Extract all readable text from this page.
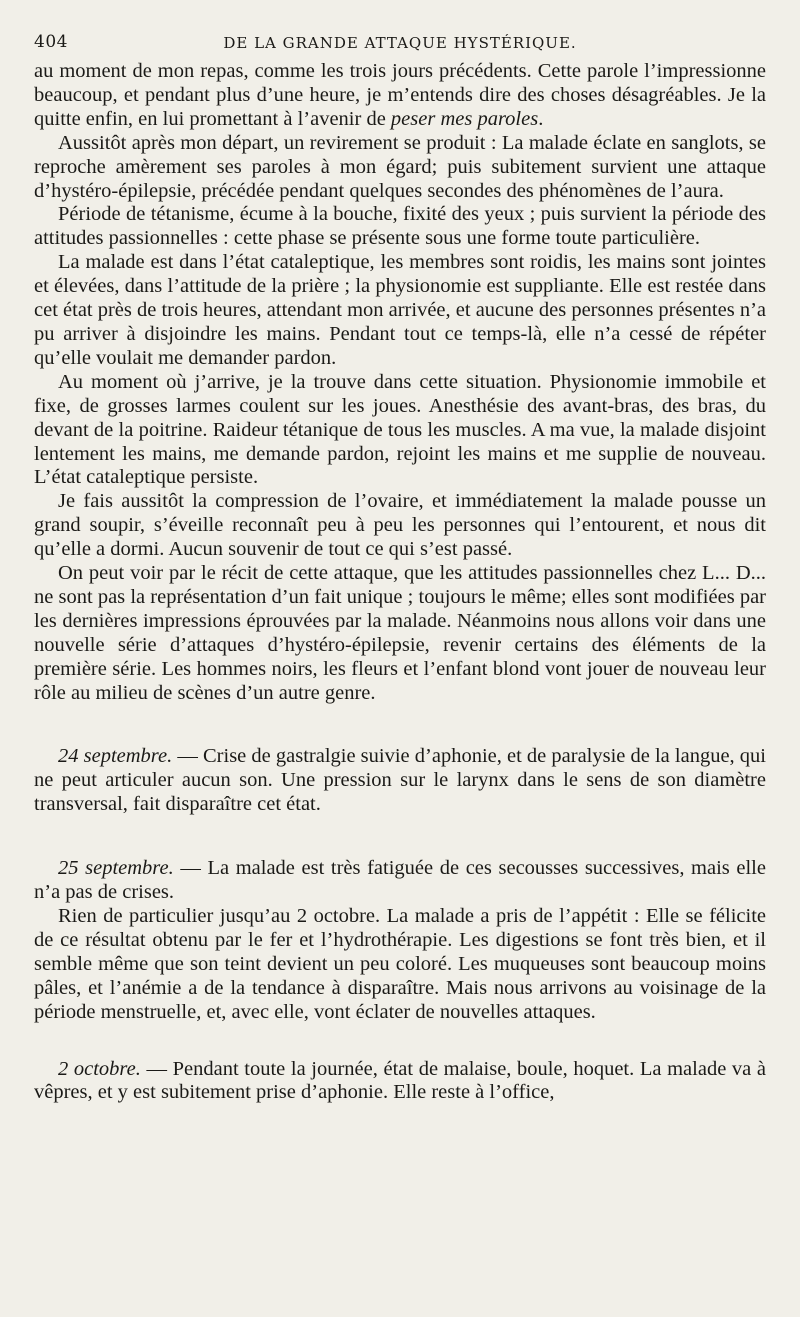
404	DE LA GRANDE ATTAQUE HYSTÉRIQUE.

au moment de mon repas, comme les trois jours précédents. Cette parole l’impressionne beaucoup, et pendant plus d’une heure, je m’entends dire des choses désagréables. Je la quitte enfin, en lui promettant à l’avenir de peser mes paroles.

Aussitôt après mon départ, un revirement se produit : La malade éclate en sanglots, se reproche amèrement ses paroles à mon égard; puis subitement survient une attaque d’hystéro-épilepsie, précédée pendant quelques secondes des phénomènes de l’aura.

Période de tétanisme, écume à la bouche, fixité des yeux ; puis survient la période des attitudes passionnelles : cette phase se présente sous une forme toute particulière.

La malade est dans l’état cataleptique, les membres sont roidis, les mains sont jointes et élevées, dans l’attitude de la prière ; la physionomie est suppliante. Elle est restée dans cet état près de trois heures, attendant mon arrivée, et aucune des personnes présentes n’a pu arriver à disjoindre les mains. Pendant tout ce temps-là, elle n’a cessé de répéter qu’elle voulait me demander pardon.

Au moment où j’arrive, je la trouve dans cette situation. Physionomie immobile et fixe, de grosses larmes coulent sur les joues. Anesthésie des avant-bras, des bras, du devant de la poitrine. Raideur tétanique de tous les muscles. A ma vue, la malade disjoint lentement les mains, me demande pardon, rejoint les mains et me supplie de nouveau. L’état cataleptique persiste.

Je fais aussitôt la compression de l’ovaire, et immédiatement la malade pousse un grand soupir, s’éveille reconnaît peu à peu les personnes qui l’entourent, et nous dit qu’elle a dormi. Aucun souvenir de tout ce qui s’est passé.

On peut voir par le récit de cette attaque, que les attitudes passionnelles chez L... D... ne sont pas la représentation d’un fait unique ; toujours le même; elles sont modifiées par les dernières impressions éprouvées par la malade. Néanmoins nous allons voir dans une nouvelle série d’attaques d’hystéro-épilepsie, revenir certains des éléments de la première série. Les hommes noirs, les fleurs et l’enfant blond vont jouer de nouveau leur rôle au milieu de scènes d’un autre genre.

24 septembre. — Crise de gastralgie suivie d’aphonie, et de paralysie de la langue, qui ne peut articuler aucun son. Une pression sur le larynx dans le sens de son diamètre transversal, fait disparaître cet état.

25 septembre. — La malade est très fatiguée de ces secousses successives, mais elle n’a pas de crises.

Rien de particulier jusqu’au 2 octobre. La malade a pris de l’appétit : Elle se félicite de ce résultat obtenu par le fer et l’hydrothérapie. Les digestions se font très bien, et il semble même que son teint devient un peu coloré. Les muqueuses sont beaucoup moins pâles, et l’anémie a de la tendance à disparaître. Mais nous arrivons au voisinage de la période menstruelle, et, avec elle, vont éclater de nouvelles attaques.

2 octobre. — Pendant toute la journée, état de malaise, boule, hoquet. La malade va à vêpres, et y est subitement prise d’aphonie. Elle reste à l’office,
